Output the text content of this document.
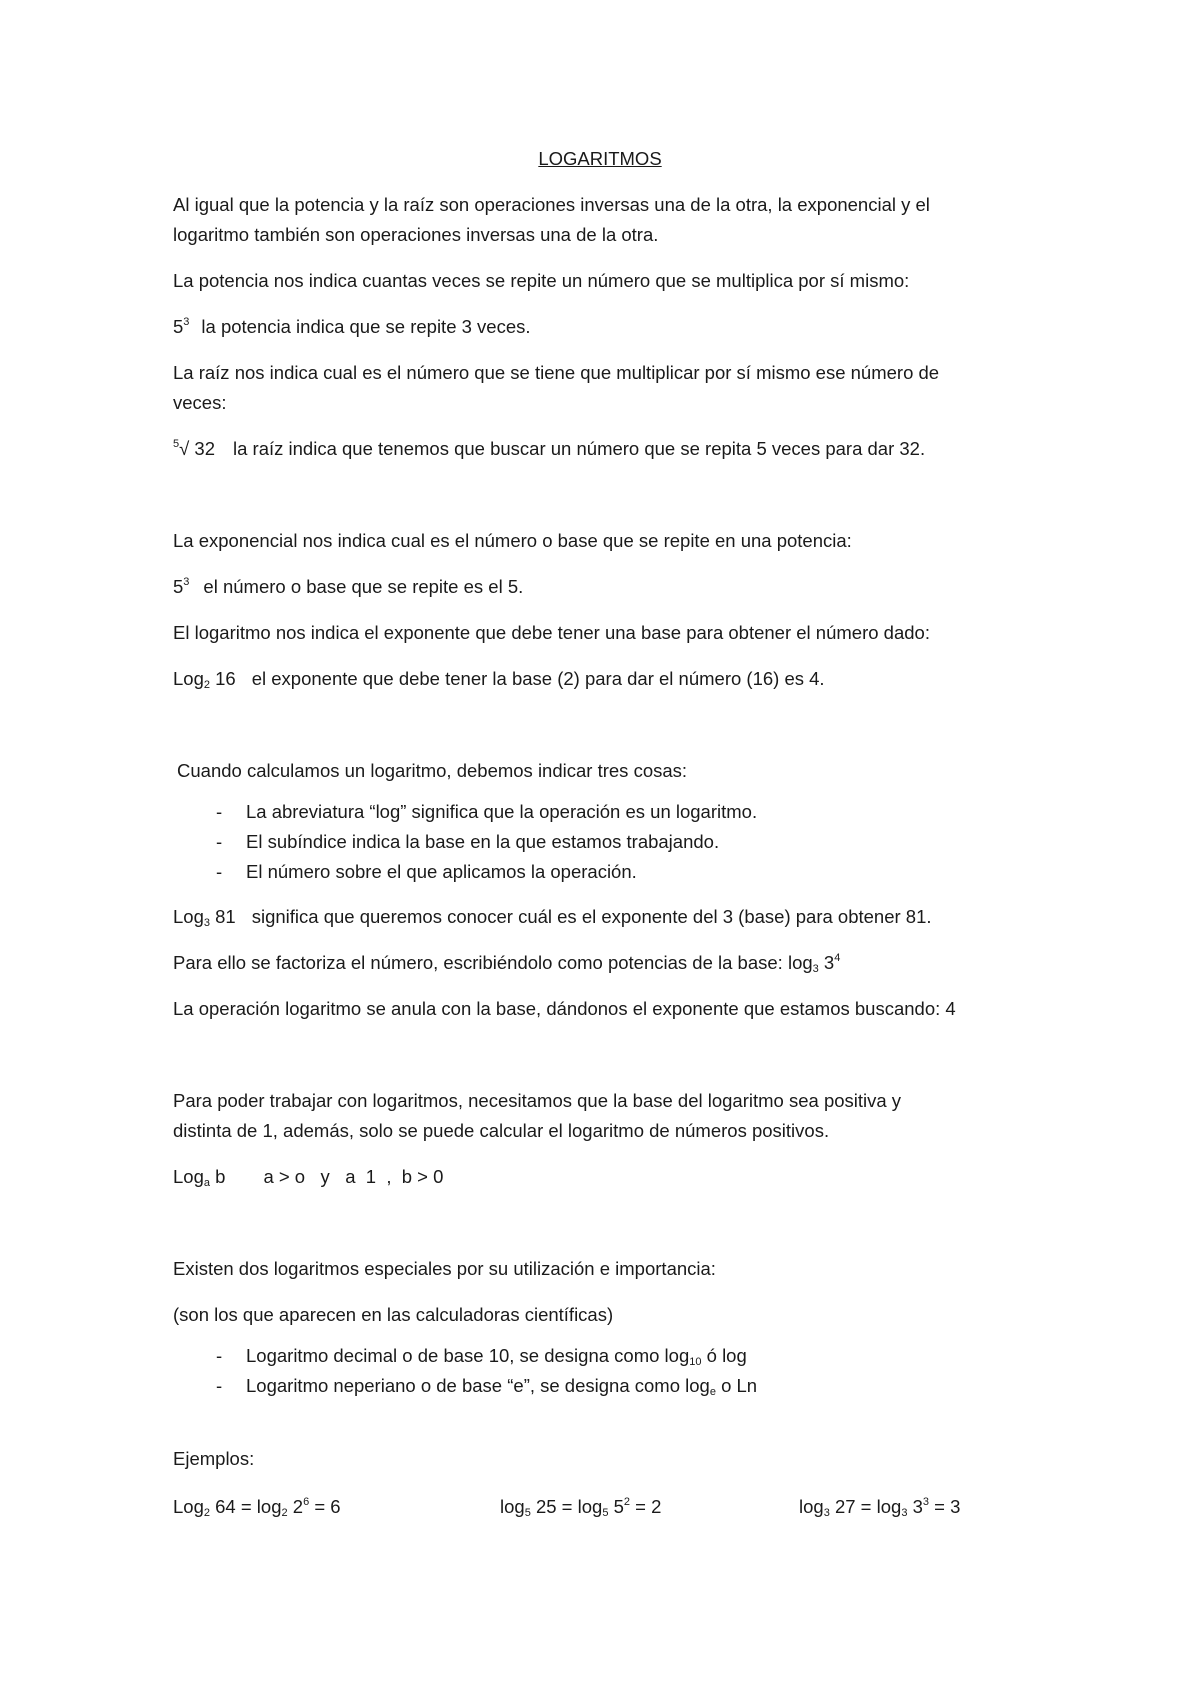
LOGARITMOS
Al igual que la potencia y la raíz son operaciones inversas una de la otra, la exponencial y el
logaritmo también son operaciones inversas una de la otra.
La potencia nos indica cuantas veces se repite un número que se multiplica por sí mismo:
$5^3$ la potencia indica que se repite 3 veces.
La raíz nos indica cual es el número que se tiene que multiplicar por sí mismo ese número de
veces:
$^5$√ 32 la raíz indica que tenemos que buscar un número que se repita 5 veces para dar 32.
La exponencial nos indica cual es el número o base que se repite en una potencia:
$5^3$ el número o base que se repite es el 5.
El logaritmo nos indica el exponente que debe tener una base para obtener el número dado:
Log$_2$ 16 el exponente que debe tener la base (2) para dar el número (16) es 4.
Cuando calculamos un logaritmo, debemos indicar tres cosas:
- La abreviatura “log” significa que la operación es un logaritmo.
- El subíndice indica la base en la que estamos trabajando.
- El número sobre el que aplicamos la operación.
Log$_3$ 81 significa que queremos conocer cuál es el exponente del 3 (base) para obtener 81.
Para ello se factoriza el número, escribiéndolo como potencias de la base: $\log_3 3^4$
La operación logaritmo se anula con la base, dándonos el exponente que estamos buscando: 4
Para poder trabajar con logaritmos, necesitamos que la base del logaritmo sea positiva y
distinta de 1, además, solo se puede calcular el logaritmo de números positivos.
Log$_a$ b a > o   y   a  1  ,  b > 0
Existen dos logaritmos especiales por su utilización e importancia:
(son los que aparecen en las calculadoras científicas)
- Logaritmo decimal o de base 10, se designa como $\log_{10}$ ó log
- Logaritmo neperiano o de base “e”, se designa como $\log_e o$ Ln
Ejemplos:
Log$_2$ $64 = \log_2 2^6 = 6$	$\log_5 25 = \log_5 5^2 = 2$	$\log_3 27 = \log_3 3^3 = 3$
